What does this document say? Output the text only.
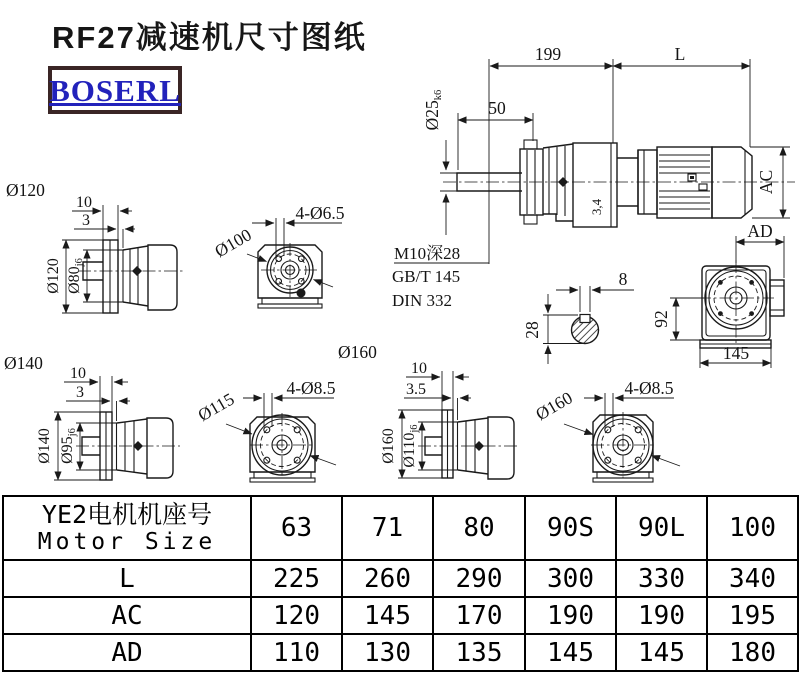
RF27减速机尺寸图纸
BOSERL
199	L
50
Ø25k6
3,4
AC
M10深28
GB/T 145
DIN 332
8
28
AD
92
145
Ø120
10
3
Ø120 Ø80j6
4-Ø6.5
Ø100
Ø140
10
3
Ø140 Ø95j6
4-Ø8.5
Ø115
Ø160
10
3.5
Ø160 Ø110j6
4-Ø8.5
Ø160
YE2电机机座号
Motor Size	63	71	80	90S	90L	100
L	225	260	290	300	330	340
AC	120	145	170	190	190	195
AD	110	130	135	145	145	180
